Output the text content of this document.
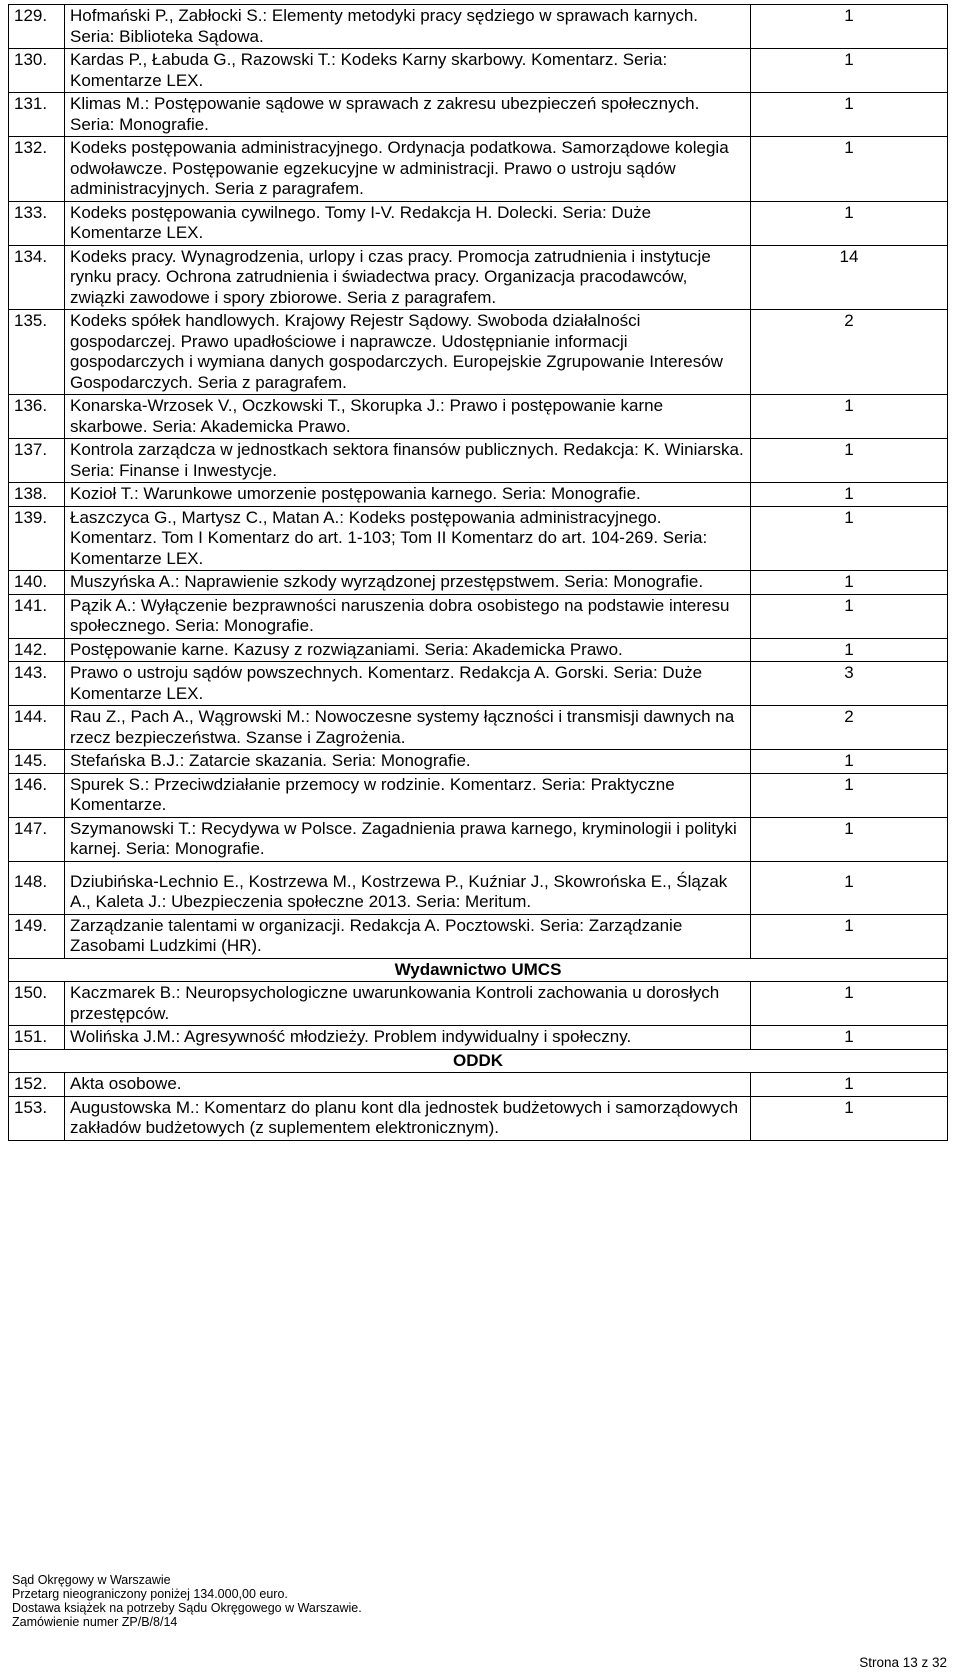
129.	Hofmański P., Zabłocki S.: Elementy metodyki pracy sędziego w sprawach karnych. Seria: Biblioteka Sądowa.	1
130.	Kardas P., Łabuda G., Razowski T.: Kodeks Karny skarbowy. Komentarz. Seria: Komentarze LEX.	1
131.	Klimas M.: Postępowanie sądowe w sprawach z zakresu ubezpieczeń społecznych. Seria: Monografie.	1
132.	Kodeks postępowania administracyjnego. Ordynacja podatkowa. Samorządowe kolegia odwoławcze. Postępowanie egzekucyjne w administracji. Prawo o ustroju sądów administracyjnych. Seria z paragrafem.	1
133.	Kodeks postępowania cywilnego. Tomy I-V. Redakcja H. Dolecki. Seria: Duże Komentarze LEX.	1
134.	Kodeks pracy. Wynagrodzenia, urlopy i czas pracy. Promocja zatrudnienia i instytucje rynku pracy. Ochrona zatrudnienia i świadectwa pracy. Organizacja pracodawców, związki zawodowe i spory zbiorowe. Seria z paragrafem.	14
135.	Kodeks spółek handlowych. Krajowy Rejestr Sądowy. Swoboda działalności gospodarczej. Prawo upadłościowe i naprawcze. Udostępnianie informacji gospodarczych i wymiana danych gospodarczych. Europejskie Zgrupowanie Interesów Gospodarczych. Seria z paragrafem.	2
136.	Konarska-Wrzosek V., Oczkowski T., Skorupka J.: Prawo i postępowanie karne skarbowe. Seria: Akademicka Prawo.	1
137.	Kontrola zarządcza w jednostkach sektora finansów publicznych. Redakcja: K. Winiarska. Seria: Finanse i Inwestycje.	1
138.	Kozioł T.: Warunkowe umorzenie postępowania karnego. Seria: Monografie.	1
139.	Łaszczyca G., Martysz C., Matan A.: Kodeks postępowania administracyjnego. Komentarz. Tom I Komentarz do art. 1-103; Tom II Komentarz do art. 104-269. Seria: Komentarze LEX.	1
140.	Muszyńska A.: Naprawienie szkody wyrządzonej przestępstwem. Seria: Monografie.	1
141.	Pązik A.: Wyłączenie bezprawności naruszenia dobra osobistego na podstawie interesu społecznego. Seria: Monografie.	1
142.	Postępowanie karne. Kazusy z rozwiązaniami. Seria: Akademicka Prawo.	1
143.	Prawo o ustroju sądów powszechnych. Komentarz. Redakcja A. Gorski. Seria: Duże Komentarze LEX.	3
144.	Rau Z., Pach A., Wągrowski M.: Nowoczesne systemy łączności i transmisji dawnych na rzecz bezpieczeństwa. Szanse i Zagrożenia.	2
145.	Stefańska B.J.: Zatarcie skazania. Seria: Monografie.	1
146.	Spurek S.: Przeciwdziałanie przemocy w rodzinie. Komentarz. Seria: Praktyczne Komentarze.	1
147.	Szymanowski T.: Recydywa w Polsce. Zagadnienia prawa karnego, kryminologii i polityki karnej. Seria: Monografie.	1
148.	Dziubińska-Lechnio E., Kostrzewa M., Kostrzewa P., Kuźniar J., Skowrońska E., Ślązak A., Kaleta J.: Ubezpieczenia społeczne 2013. Seria: Meritum.	1
149.	Zarządzanie talentami w organizacji. Redakcja A. Pocztowski. Seria: Zarządzanie Zasobami Ludzkimi (HR).	1
Wydawnictwo UMCS		
150.	Kaczmarek B.: Neuropsychologiczne uwarunkowania Kontroli zachowania u dorosłych przestępców.	1
151.	Wolińska J.M.: Agresywność młodzieży. Problem indywidualny i społeczny.	1
ODDK		
152.	Akta osobowe.	1
153.	Augustowska M.: Komentarz do planu kont dla jednostek budżetowych i samorządowych zakładów budżetowych (z suplementem elektronicznym).	1
Sąd Okręgowy w Warszawie
Przetarg nieograniczony poniżej 134.000,00 euro.
Dostawa książek na potrzeby Sądu Okręgowego w Warszawie.
Zamówienie numer ZP/B/8/14
Strona 13 z 32
